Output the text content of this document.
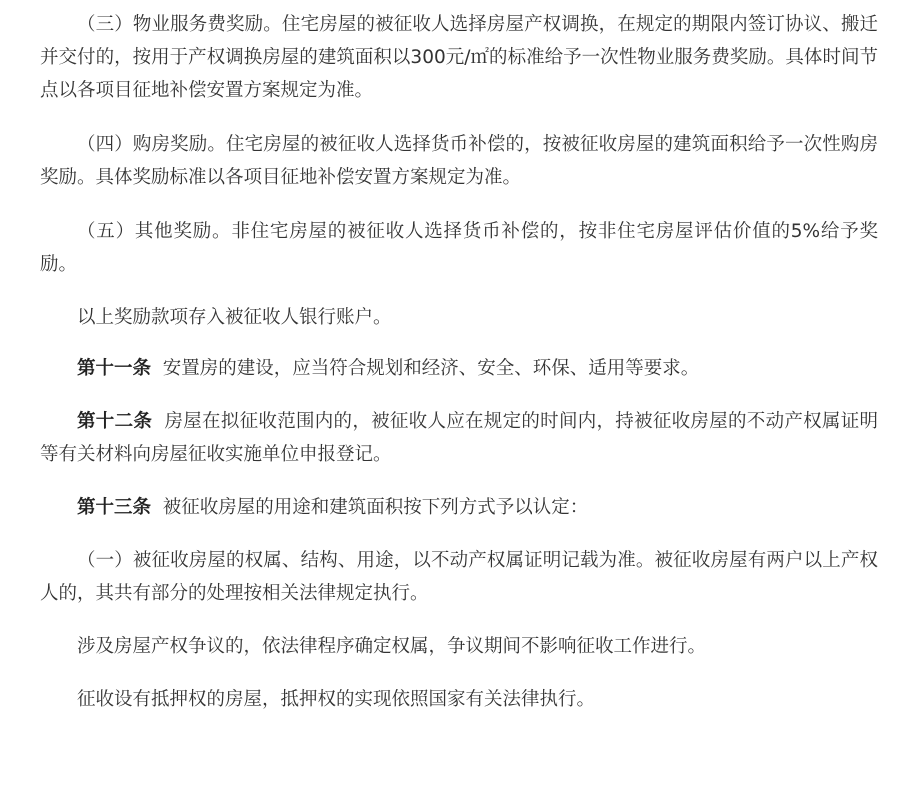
（三）物业服务费奖励。住宅房屋的被征收人选择房屋产权调换，在规定的期限内签订协议、搬迁并交付的，按用于产权调换房屋的建筑面积以300元/㎡的标准给予一次性物业服务费奖励。具体时间节点以各项目征地补偿安置方案规定为准。

（四）购房奖励。住宅房屋的被征收人选择货币补偿的，按被征收房屋的建筑面积给予一次性购房奖励。具体奖励标准以各项目征地补偿安置方案规定为准。

（五）其他奖励。非住宅房屋的被征收人选择货币补偿的，按非住宅房屋评估价值的5%给予奖励。

以上奖励款项存入被征收人银行账户。

第十一条 安置房的建设，应当符合规划和经济、安全、环保、适用等要求。

第十二条 房屋在拟征收范围内的，被征收人应在规定的时间内，持被征收房屋的不动产权属证明等有关材料向房屋征收实施单位申报登记。

第十三条 被征收房屋的用途和建筑面积按下列方式予以认定：

（一）被征收房屋的权属、结构、用途，以不动产权属证明记载为准。被征收房屋有两户以上产权人的，其共有部分的处理按相关法律规定执行。

涉及房屋产权争议的，依法律程序确定权属，争议期间不影响征收工作进行。

征收设有抵押权的房屋，抵押权的实现依照国家有关法律执行。
